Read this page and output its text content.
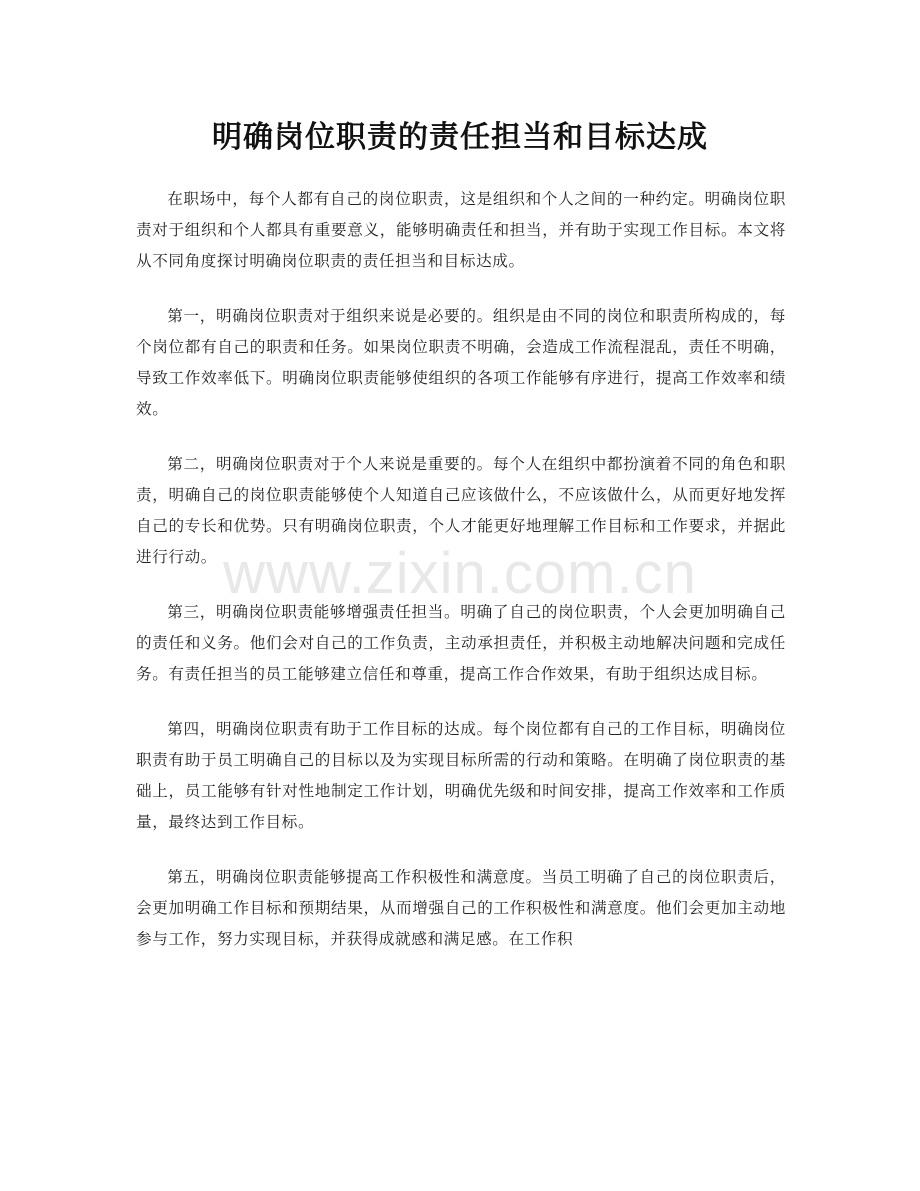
明确岗位职责的责任担当和目标达成

在职场中，每个人都有自己的岗位职责，这是组织和个人之间的一种约定。明确岗位职责对于组织和个人都具有重要意义，能够明确责任和担当，并有助于实现工作目标。本文将从不同角度探讨明确岗位职责的责任担当和目标达成。

第一，明确岗位职责对于组织来说是必要的。组织是由不同的岗位和职责所构成的，每个岗位都有自己的职责和任务。如果岗位职责不明确，会造成工作流程混乱，责任不明确，导致工作效率低下。明确岗位职责能够使组织的各项工作能够有序进行，提高工作效率和绩效。

第二，明确岗位职责对于个人来说是重要的。每个人在组织中都扮演着不同的角色和职责，明确自己的岗位职责能够使个人知道自己应该做什么，不应该做什么，从而更好地发挥自己的专长和优势。只有明确岗位职责，个人才能更好地理解工作目标和工作要求，并据此进行行动。

第三，明确岗位职责能够增强责任担当。明确了自己的岗位职责，个人会更加明确自己的责任和义务。他们会对自己的工作负责，主动承担责任，并积极主动地解决问题和完成任务。有责任担当的员工能够建立信任和尊重，提高工作合作效果，有助于组织达成目标。

第四，明确岗位职责有助于工作目标的达成。每个岗位都有自己的工作目标，明确岗位职责有助于员工明确自己的目标以及为实现目标所需的行动和策略。在明确了岗位职责的基础上，员工能够有针对性地制定工作计划，明确优先级和时间安排，提高工作效率和工作质量，最终达到工作目标。

第五，明确岗位职责能够提高工作积极性和满意度。当员工明确了自己的岗位职责后，会更加明确工作目标和预期结果，从而增强自己的工作积极性和满意度。他们会更加主动地参与工作，努力实现目标，并获得成就感和满足感。在工作积

www.zixin.com.cn
